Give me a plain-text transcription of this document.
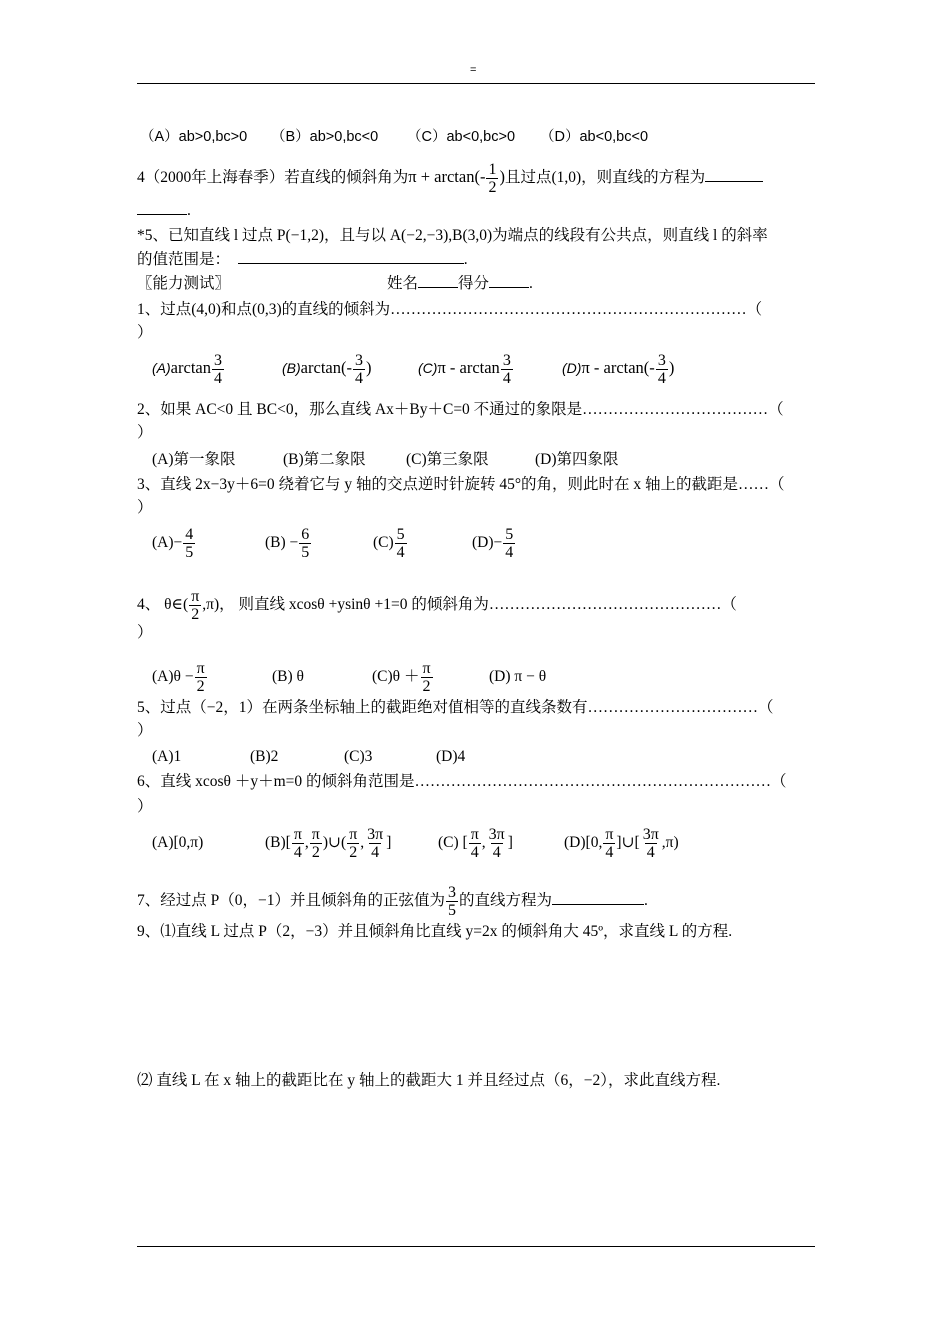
=
（A）ab>0,bc>0 （B）ab>0,bc<0 （C）ab<0,bc>0 （D）ab<0,bc<0
4（2000年上海春季）若直线的倾斜角为$\pi + \arctan(- \frac{1}{2}$ )且过点(1,0)，则直线的方程为
.
*5、已知直线 l 过点 P(−1,2)，且与以 A(−2,−3),B(3,0)为端点的线段有公共点，则直线 l 的斜率
的值范围是：	.
〖能力测试〗	姓名	得分	.
1、过点(4,0)和点(0,3)的直线的倾斜为……………………………………………………………（
）
$(A)\arctan \frac{3}{4}$	$(B)\arctan(- \frac{3}{4}$ )	$(C)\pi - \arctan \frac{3}{4}$	$(D)\pi - \arctan(- \frac{3}{4}$ )
2、如果 AC<0 且 BC<0，那么直线 Ax＋By＋C=0 不通过的象限是………………………………（
）
(A)第一象限	(B)第二象限	(C)第三象限	(D)第四象限
3、直线 2x−3y＋6=0 绕着它与 y 轴的交点逆时针旋转 45°的角，则此时在 x 轴上的截距是……（
）
$(A)- \frac{4}{5}$	$(B) - \frac{6}{5}$	$(C) \frac{5}{4}$	$(D)- \frac{5}{4}$
4、 θ∈( $\frac{\pi}{2} ,\pi$)， 则直线 xcosθ +ysinθ +1=0 的倾斜角为………………………………………（
）
$(A)\theta - \frac{\pi}{2}$	(B) θ	$(C)\theta + \frac{\pi}{2}$	(D) π − θ
5、过点（−2，1）在两条坐标轴上的截距绝对值相等的直线条数有……………………………（
）
(A)1	(B)2	(C)3	(D)4
6、直线 xcosθ ＋y＋m=0 的倾斜角范围是……………………………………………………………（
）
(A)[0,π)	$(B)[ \frac{\pi}{4}$ , $\frac{\pi}{2}$ )∪( $\frac{\pi}{2}$ , $\frac{3\pi}{4}$ ]	(C) [ $\frac{\pi}{4}$ , $\frac{3\pi}{4}$ ]	(D)[0, $\frac{\pi}{4}$ ]∪[ $\frac{3\pi}{4} ,\pi$)
7、经过点 P（0，−1）并且倾斜角的正弦值为 $\frac{3}{5}$ 的直线方程为	.
9、⑴直线 L 过点 P（2，−3）并且倾斜角比直线 y=2x 的倾斜角大 45º，求直线 L 的方程.
⑵ 直线 L 在 x 轴上的截距比在 y 轴上的截距大 1 并且经过点（6，−2），求此直线方程.
